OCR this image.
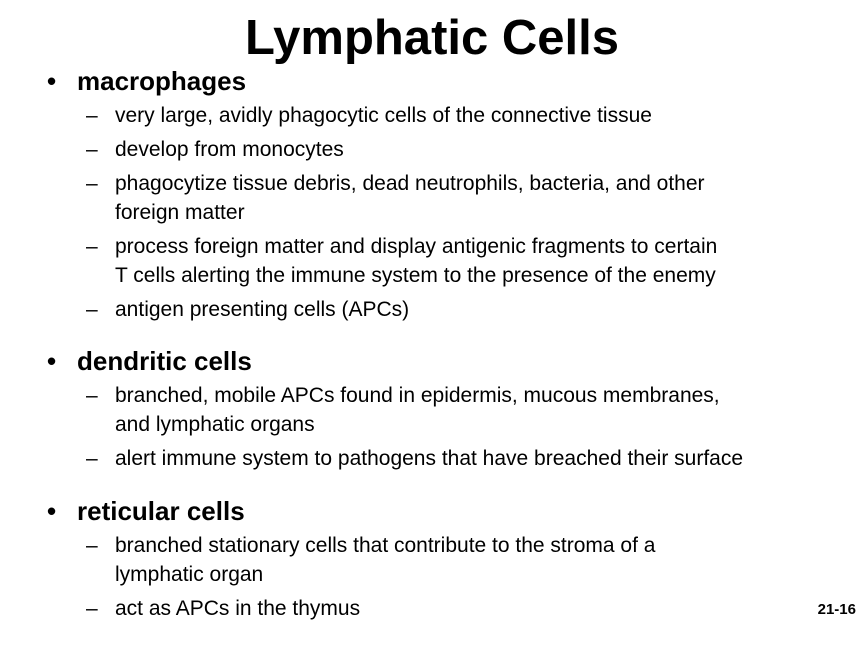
Lymphatic Cells
• macrophages
– very large, avidly phagocytic cells of the connective tissue
– develop from monocytes
– phagocytize tissue debris, dead neutrophils, bacteria, and other
foreign matter
– process foreign matter and display antigenic fragments to certain
T cells alerting the immune system to the presence of the enemy
– antigen presenting cells (APCs)
• dendritic cells
– branched, mobile APCs found in epidermis, mucous membranes,
and lymphatic organs
– alert immune system to pathogens that have breached their surface
• reticular cells
– branched stationary cells that contribute to the stroma of a
lymphatic organ
– act as APCs in the thymus	21-16
